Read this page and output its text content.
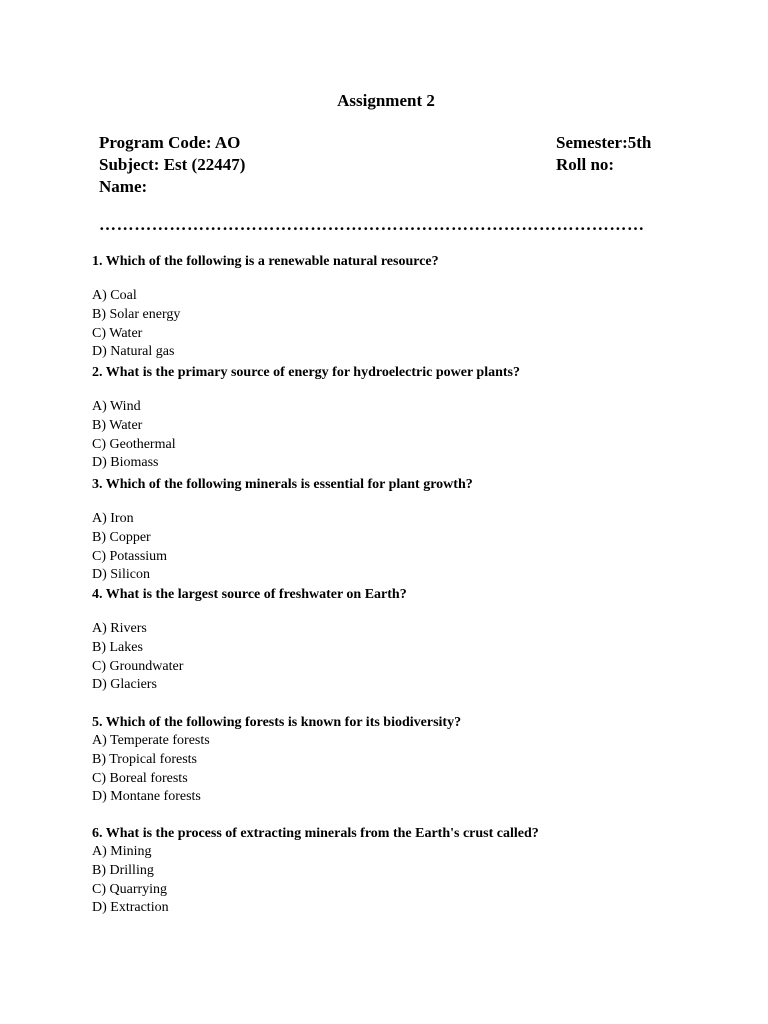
Assignment 2
Program Code: AO
Subject: Est (22447)
Name:
Semester:5th
Roll no:
…………………………………………………………………………………
1. Which of the following is a renewable natural resource?
A) Coal
B) Solar energy
C) Water
D) Natural gas
2. What is the primary source of energy for hydroelectric power plants?
A) Wind
B) Water
C) Geothermal
D) Biomass
3. Which of the following minerals is essential for plant growth?
A) Iron
B) Copper
C) Potassium
D) Silicon
4. What is the largest source of freshwater on Earth?
A) Rivers
B) Lakes
C) Groundwater
D) Glaciers
5. Which of the following forests is known for its biodiversity?
A) Temperate forests
B) Tropical forests
C) Boreal forests
D) Montane forests
6. What is the process of extracting minerals from the Earth's crust called?
A) Mining
B) Drilling
C) Quarrying
D) Extraction
